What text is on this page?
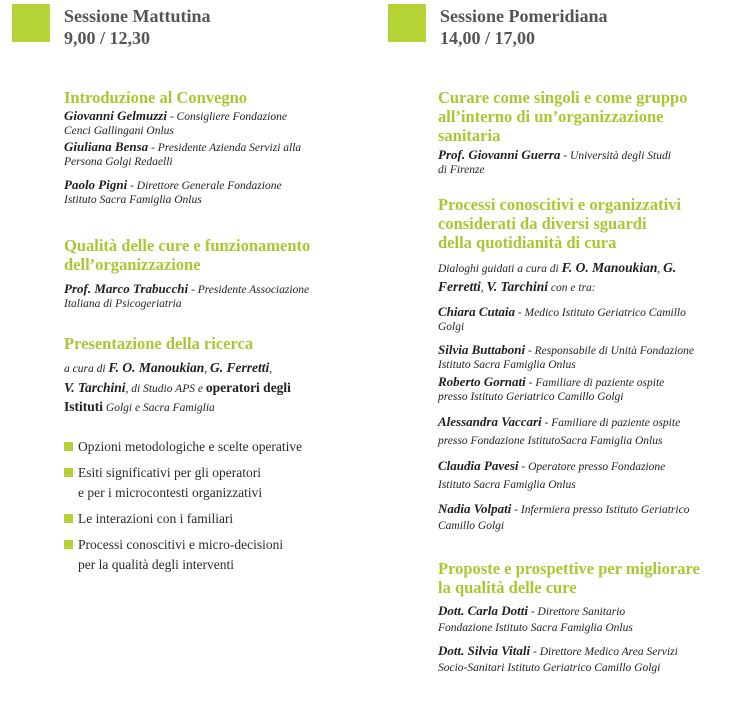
Sessione Mattutina
9,00 / 12,30

Introduzione al Convegno

Giovanni Gelmuzzi - Consigliere Fondazione

Cenci Gallingani Onlus

Giuliana Bensa - Presidente Azienda Servizi alla

Persona Golgi Redaelli

Paolo Pigni - Direttore Generale Fondazione

Istituto Sacra Famiglia Onlus

Qualità delle cure e funzionamento

dell’organizzazione

Prof. Marco Trabucchi - Presidente Associazione

Italiana di Psicogeriatria

Presentazione della ricerca

a cura di F. O. Manoukian, G. Ferretti,
V. Tarchini, di Studio APS e operatori degli
Istituti Golgi e Sacra Famiglia
Opzioni metodologiche e scelte operative
Esiti significativi per gli operatori
e per i microcontesti organizzativi
Le interazioni con i familiari
Processi conoscitivi e micro-decisioni
per la qualità degli interventi
Sessione Pomeridiana
14,00 / 17,00

Curare come singoli e come gruppo

all’interno di un’organizzazione

sanitaria

Prof. Giovanni Guerra - Università degli Studi

di Firenze

Processi conoscitivi e organizzativi

considerati da diversi sguardi

della quotidianità di cura

Dialoghi guidati a cura di F. O. Manoukian, G.
Ferretti, V. Tarchini con e tra:

Chiara Cutaia - Medico Istituto Geriatrico Camillo

Golgi

Silvia Buttaboni - Responsabile di Unità Fondazione

Istituto Sacra Famiglia Onlus

Roberto Gornati - Familiare di paziente ospite

presso Istituto Geriatrico Camillo Golgi

Alessandra Vaccari - Familiare di paziente ospite

presso Fondazione IstitutoSacra Famiglia Onlus

Claudia Pavesi - Operatore presso Fondazione

Istituto Sacra Famiglia Onlus

Nadia Volpati - Infermiera presso Istituto Geriatrico

Camillo Golgi

Proposte e prospettive per migliorare

la qualità delle cure

Dott. Carla Dotti - Direttore Sanitario

Fondazione Istituto Sacra Famiglia Onlus

Dott. Silvia Vitali - Direttore Medico Area Servizi

Socio-Sanitari Istituto Geriatrico Camillo Golgi
